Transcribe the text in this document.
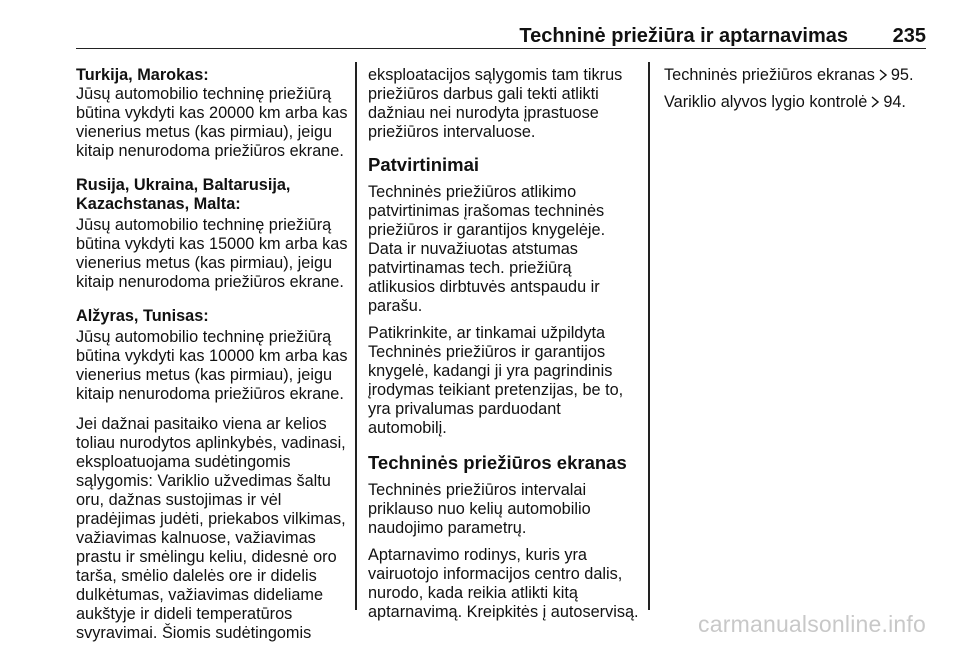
Techninė priežiūra ir aptarnavimas 235
Turkija, Marokas:
Jūsų automobilio techninę priežiūrą
būtina vykdyti kas 20000 km arba kas
vienerius metus (kas pirmiau), jeigu
kitaip nenurodoma priežiūros ekrane.
Rusija, Ukraina, Baltarusija,
Kazachstanas, Malta:
Jūsų automobilio techninę priežiūrą
būtina vykdyti kas 15000 km arba kas
vienerius metus (kas pirmiau), jeigu
kitaip nenurodoma priežiūros ekrane.
Alžyras, Tunisas:
Jūsų automobilio techninę priežiūrą
būtina vykdyti kas 10000 km arba kas
vienerius metus (kas pirmiau), jeigu
kitaip nenurodoma priežiūros ekrane.
Jei dažnai pasitaiko viena ar kelios
toliau nurodytos aplinkybės, vadinasi,
eksploatuojama sudėtingomis
sąlygomis: Variklio užvedimas šaltu
oru, dažnas sustojimas ir vėl
pradėjimas judėti, priekabos vilkimas,
važiavimas kalnuose, važiavimas
prastu ir smėlingu keliu, didesnė oro
tarša, smėlio dalelės ore ir didelis
dulkėtumas, važiavimas dideliame
aukštyje ir dideli temperatūros
svyravimai. Šiomis sudėtingomis
eksploatacijos sąlygomis tam tikrus
priežiūros darbus gali tekti atlikti
dažniau nei nurodyta įprastuose
priežiūros intervaluose.
Patvirtinimai
Techninės priežiūros atlikimo
patvirtinimas įrašomas techninės
priežiūros ir garantijos knygelėje.
Data ir nuvažiuotas atstumas
patvirtinamas tech. priežiūrą
atlikusios dirbtuvės antspaudu ir
parašu.
Patikrinkite, ar tinkamai užpildyta
Techninės priežiūros ir garantijos
knygelė, kadangi ji yra pagrindinis
įrodymas teikiant pretenzijas, be to,
yra privalumas parduodant
automobilį.
Techninės priežiūros ekranas
Techninės priežiūros intervalai
priklauso nuo kelių automobilio
naudojimo parametrų.
Aptarnavimo rodinys, kuris yra
vairuotojo informacijos centro dalis,
nurodo, kada reikia atlikti kitą
aptarnavimą. Kreipkitės į autoservisą.
Techninės priežiūros ekranas 95.
Variklio alyvos lygio kontrolė 94.
carmanualsonline.info
